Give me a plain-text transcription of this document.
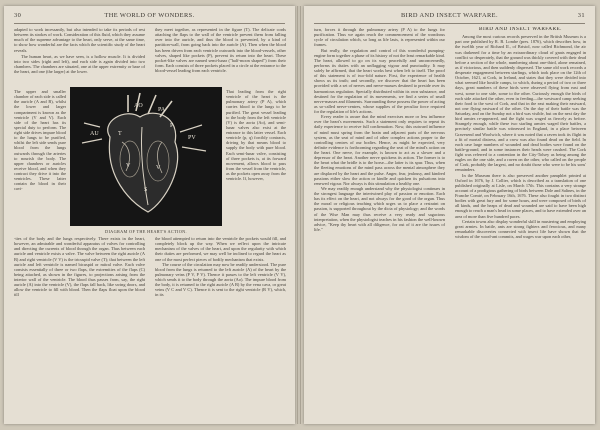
30	THE WORLD OF WONDERS.

adapted to work incessantly, but also intended to take its periods of rest between its strokes of work. Consideration of this fluid, which they assume much of the supreme advantage to the heart, only serve, at the same time, to show how wonderful are the facts which the scientific study of the heart reveals.

they meet together, as represented in the figure (T). The delicate cords attaching the flaps to the wall of the ventricle prevent them from falling over into the auricle, and thus the blood is prevented, by a kind of partition-wall, from going back into the auricle (A). Then when the blood has been driven from each ventricle outwards into the blood-vessels, other valves, shaped like pockets (P), prevent its return into the heart. These pocket-like valves are named semi-lunar ("half-moon shaped") from their form. Each consists of three pockets placed in a circle at the entrance to the blood-vessel leading from each ventricle.

The human heart, as we have seen, is a hollow muscle. It is divided into two sides (right and left), and each side is again divided into two chambers. The chambers are situated, one at the upper extremity or base of the heart, and one (the larger) at the lower.

The upper and smaller chamber of each side is called the auricle (A and B), whilst the lower and larger compartment is known as the ventricle (V and V). Each side of the heart has its special duty to perform. The right side drives impure blood to the lungs to be purified, whilst the left side sends pure blood from the lungs outwards through the arteries to nourish the body. The upper chambers or auricles receive blood, and when they contract they drive it into the ventricles. These latter contain the blood in their cavi-
AO
PA
PV
T
AU
V	V
S
P
That leading from the right ventricle of the heart is the pulmonary artery (P A), which carries blood to the lungs to be purified. The great vessel leading to the body from the left ventricle (V) is the aorta (Ao), and semi-lunar valves also exist at the entrance to this latter vessel. Each ventricle (p, q) forcibly contracts, driving by that means blood to supply the body with pure blood. Each semi-lunar valve, consisting of three pockets is, at its forward movement, allows blood to pass from the vessel from the ventricle, as the pockets open away from the ventricle. If, however,
DIAGRAM OF THE HEART'S ACTION.

-ties of the body and the lungs respectively. There exists in the heart, however, an admirable and wonderful apparatus of valves for controlling and directing the currents of blood through the organ. Thus between each auricle and ventricle exists a valve. The valve between the right auricle (A B) and right ventricle (V V) is the tricuspid valve (T); that between the left auricle and left ventricle is named bicuspid or mitral valve. Each valve consists essentially of three or two flaps, the extremities of the flaps (C) being attached, as shown in the figures, to projections arising from the interior wall of the ventricle. The blood thus passes from, say, the right auricle (A) into the ventricle (V), the flaps fall back, like swing doors, and allow the ventricle to fill with blood. Then the flaps float upon the blood till

the blood attempted to return into the ventricle the pockets would fill, and completely block up the way. When we reflect upon the intricate mechanism of the valves of the heart, and upon the regularity with which their duties are performed, we may well be inclined to regard the heart as one of the most perfect pieces of bodily mechanism that exists.

The course of the circulation may now be readily understood. The pure blood from the lungs is returned to the left auricle (A) of the heart by the pulmonary veins (P V, P V). Thence it passes to the left ventricle (V V), which sends it to the body through the aorta (Ao). The impure blood from the body, it is returned to the right auricle (A B) by the vena cava, or great veins (V C and V C). Thence it is sent to the right ventricle (R V), which, in its

BIRD AND INSECT WARFARE.	31

turn, forces it through the pulmonary artery (P A) to the lungs for purification. Thus we again reach the commencement of the wondrous cycle of circulation which, so long as life lasts, is represented within our frames.

But really, the regulation and control of this wonderful pumping-engine form together a phase of its history of not the least remarkable kind. The heart, allowed to go on its way peacefully and unconcernedly, performs its duties with an unflagging vigour and punctuality. It may safely be affirmed, that the heart works best when left to itself. The proof of this statement is of two-fold nature. First, the experience of health shows us its truth; and secondly, we discover that the heart has been provided with a set of nerves and nerve-masses destined to preside over its harmonious regulation. Specially distributed within its own substance, and destined for the regulation of its movements, we find a series of small nerve-masses and filaments. Surrounding these possess the power of acting as so-called nerve-centres, whose supplies of the peculiar force required for the regulation of life's actions.

Every reader is aware that the mind exercises more or less influence over the heart's movements. Such a statement only requires to repeat its daily experience to receive full confirmation. Now, this outward influence of mind must spring from the brain and adjacent parts of the nervous system, as the seat of mind and of other complex actions proper to the controlling centres of our bodies. Hence, as might be expected, very definite evidence is forthcoming regarding the seat of the mind's action on the heart. One nerve, for example, is known to act as a slower and a depressor of the heart. Another nerve quickens its action. The former is to the heart what the bridle is to the horse—the latter is its spur. Thus, when the fleeting emotions of the mind pass across the mental atmosphere they are displaced by the heart and the pulse. Anger, fear, jealousy, and kindred passions either slow the action or kindle and quicken its pulsations into renewed vigour. Nor always is this stimulation a healthy one.

We may readily enough understand why the physiologist continues in the strongest language the intertwined play of passion or emotion. Each has its effect on the heart, and not always for the good of the organ. Thus the moral or religious teaching which urges us to place a restraint on passion, is supported throughout by the dicta of physiology; and the words of the Wise Man may thus receive a very ready and sagacious interpretation, when the physiologist teaches in his fashion the well-known advice, "Keep thy heart with all diligence, for out of it are the issues of life."

BIRD AND INSECT WARFARE.

Among the most curious records preserved in the British Museum is a part one published by R. B. Lombe (pres. 1876), which describes how, in the twelfth year of Richard II., of Bristol, now called Richmond, the air was darkened for a time by an extraordinary cloud of gnats engaged in conflict so desperately, that the ground was thickly covered with their dead before a section of the whole, numbering about one-third, alone remained, as if victorious, and then suddenly dispersed. The same old work records a desperate engagement between starlings, which took place on the 12th of October, 1621, at Cork, in Ireland, and states that they were divided into what seemed like hostile camps, to which, during a period of two or three days, great numbers of these birds were observed flying from east and west, some to one side, some to the other. Curiously enough the birds of each side attacked the other, even in feeding—the westward camp seeking their food to the west of Cork, and that in the east making their eastward, not one flying eastward of the other. On the day of their battle was the Saturday, and on the Sunday not a bird was visible, but on the next day the bird armies re-appeared, and the fight was waged as fiercely as before. Strangely enough, while these two starling armies waged their battles, a precisely similar battle was witnessed in England, in a place between Gravesend and Woolwich, where it was noted that a raven took its flight in a fit of mortal distress, and a crow was also found dead on the field. In each case large numbers of wounded and dead bodies were found on the battle-ground, and in some instances their heads were crushed. The Cork fight was referred to a contention in the City-Tolsey as being among the eagles on the one side, and a raven on the other, who called on the people of Cork, probably the largest, and no doubt those who were to be his sons' remainders.

In the Museum there is also preserved another pamphlet printed at Oxford in 1676, by J. Collier, which is described as a translation of one published originally at Lisle, on March 17th. This contains a very strange account of a prodigious gathering of birds between Dole and Salines, in the Franche Comté, on February 16th, 1676. These also fought in two distinct bodies with great fury and for some hours, and were composed of birds of all kinds, and the heaps of dead and wounded are said to have been high enough to reach a man's head in some places, and to have extended over an area of more than five hundred paces.

Certain towns also display wonderful skill in mustering and employing great armies. In battle, ants are strong fighters and ferocious, and many remarkable discoveries connected with insect life have shown that the wisdom of the wood-ant commits, and wages war upon each other,
